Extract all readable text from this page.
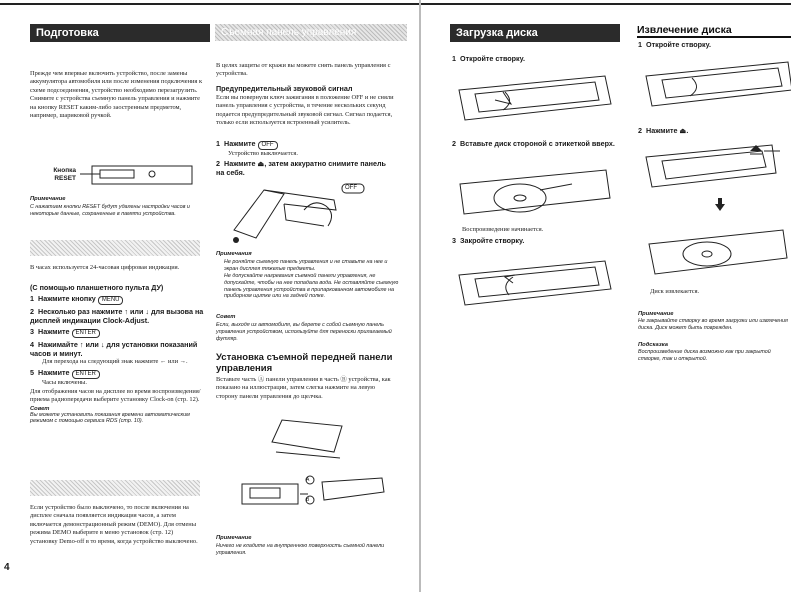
Подготовка
Прежде чем впервые включить устройство, после замены аккумулятора автомобиля или после изменения подключения к схеме подсоединения, устройство необходимо перезагрузить. Снимите с устройства съемную панель управления и нажмите на кнопку RESET каким-либо заостренным предметом, например, шариковой ручкой.
Кнопка RESET
Примечание
С нажатием кнопки RESET будут удалены настройки часов и некоторые данные, сохраненные в памяти устройства.
В часах используется 24-часовая цифровая индикация.
(С помощью планшетного пульта ДУ)
1 Нажмите кнопку MENU
2 Несколько раз нажмите ↑ или ↓ для вызова на дисплей индикации Clock-Adjust.
3 Нажмите ENTER
4 Нажимайте ↑ или ↓ для установки показаний часов и минут.
Для перехода на следующий знак нажмите ← или →.
5 Нажмите ENTER
Часы включены.
Для отображения часов на дисплее во время воспроизведения/приема радиопередачи выберите установку Clock-on (стр. 12).
Совет
Вы можете установить показания времени автоматическим режимом с помощью сервиса RDS (стр. 10).
Если устройство было выключено, то после включения на дисплее сначала появляется индикация часов, а затем включается демонстрационный режим (DEMO). Для отмены режима DEMO выберите в меню установок (стр. 12) установку Demo-off в то время, когда устройство выключено.
4
Съемная панель управления
В целях защиты от кражи вы можете снять панель управления с устройства.
Предупредительный звуковой сигнал
Если вы повернули ключ зажигания в положение OFF и не сняли панель управления с устройства, в течение нескольких секунд подается предупредительный звуковой сигнал. Сигнал подается, только если используется встроенный усилитель.
1 Нажмите OFF
Устройство выключается.
2 Нажмите ⏏, затем аккуратно снимите панель на себя.
OFF
Примечания
Не роняйте съемную панель управления и не ставьте на нее и экран дисплея тяжелые предметы.
Не допускайте нагревания съемной панели управления, не допускайте, чтобы на нее попадала вода. Не оставляйте съемную панель управления устройства в припаркованном автомобиле на приборном щитке или на задней полке.
Совет
Если, выходя из автомобиля, вы берете с собой съемную панель управления устройством, используйте для переноски прилагаемый футляр.
Установка съемной передней панели управления
Вставьте часть Ⓐ панели управления в часть Ⓑ устройства, как показано на иллюстрации, затем слегка нажмите на левую сторону панели управления до щелчка.
A
B
Примечание
Ничего не кладите на внутреннюю поверхность съемной панели управления.
Загрузка диска
1 Откройте створку.
2 Вставьте диск стороной с этикеткой вверх.
Воспроизведение начинается.
3 Закройте створку.
Извлечение диска
1 Откройте створку.
2 Нажмите ⏏.
Диск извлекается.
Примечание
Не закрывайте створку во время загрузки или извлечения диска. Диск может быть поврежден.
Подсказка
Воспроизведение диска возможно как при закрытой створке, так и открытой.
